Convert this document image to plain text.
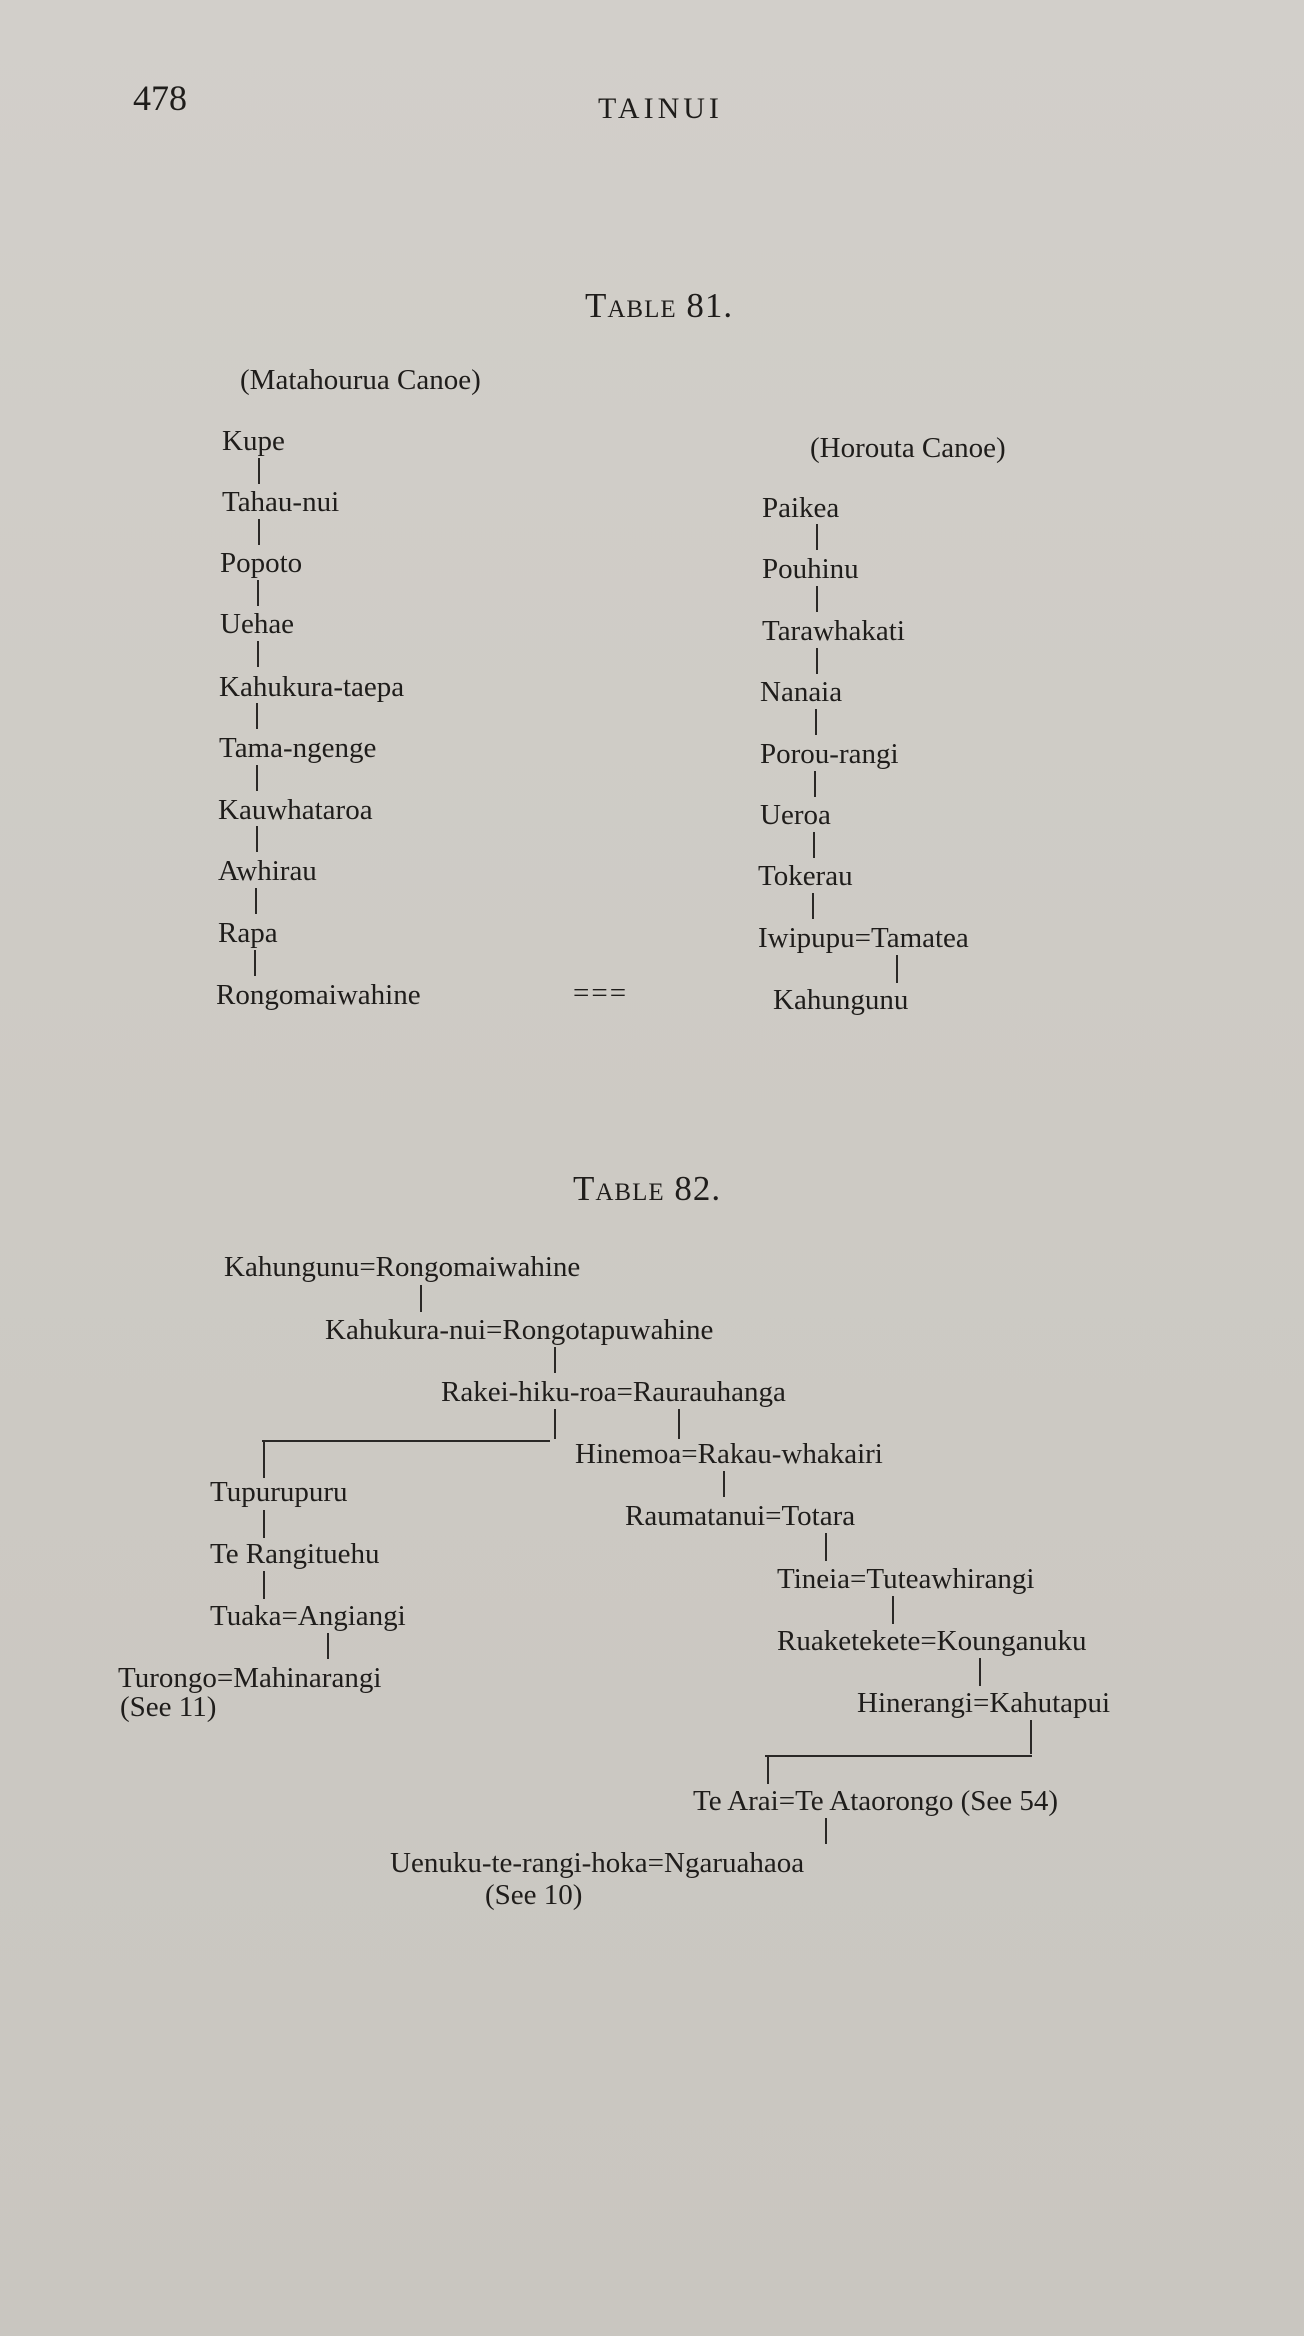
478	TAINUI
Table 81.
(Matahourua Canoe)
Kupe
Tahau-nui
Popoto
Uehae
Kahukura-taepa
Tama-ngenge
Kauwhataroa
Awhirau
Rapa
Rongomaiwahine	===
(Horouta Canoe)
Paikea
Pouhinu
Tarawhakati
Nanaia
Porou-rangi
Ueroa
Tokerau
Iwipupu=Tamatea
Kahungunu
Table 82.
Kahungunu=Rongomaiwahine
Kahukura-nui=Rongotapuwahine
Rakei-hiku-roa=Raurauhanga
Hinemoa=Rakau-whakairi
Raumatanui=Totara
Tineia=Tuteawhirangi
Ruaketekete=Kounganuku
Hinerangi=Kahutapui
Te Arai=Te Ataorongo (See 54)
Uenuku-te-rangi-hoka=Ngaruahaoa
(See 10)
Tupurupuru
Te Rangituehu
Tuaka=Angiangi
Turongo=Mahinarangi
(See 11)
